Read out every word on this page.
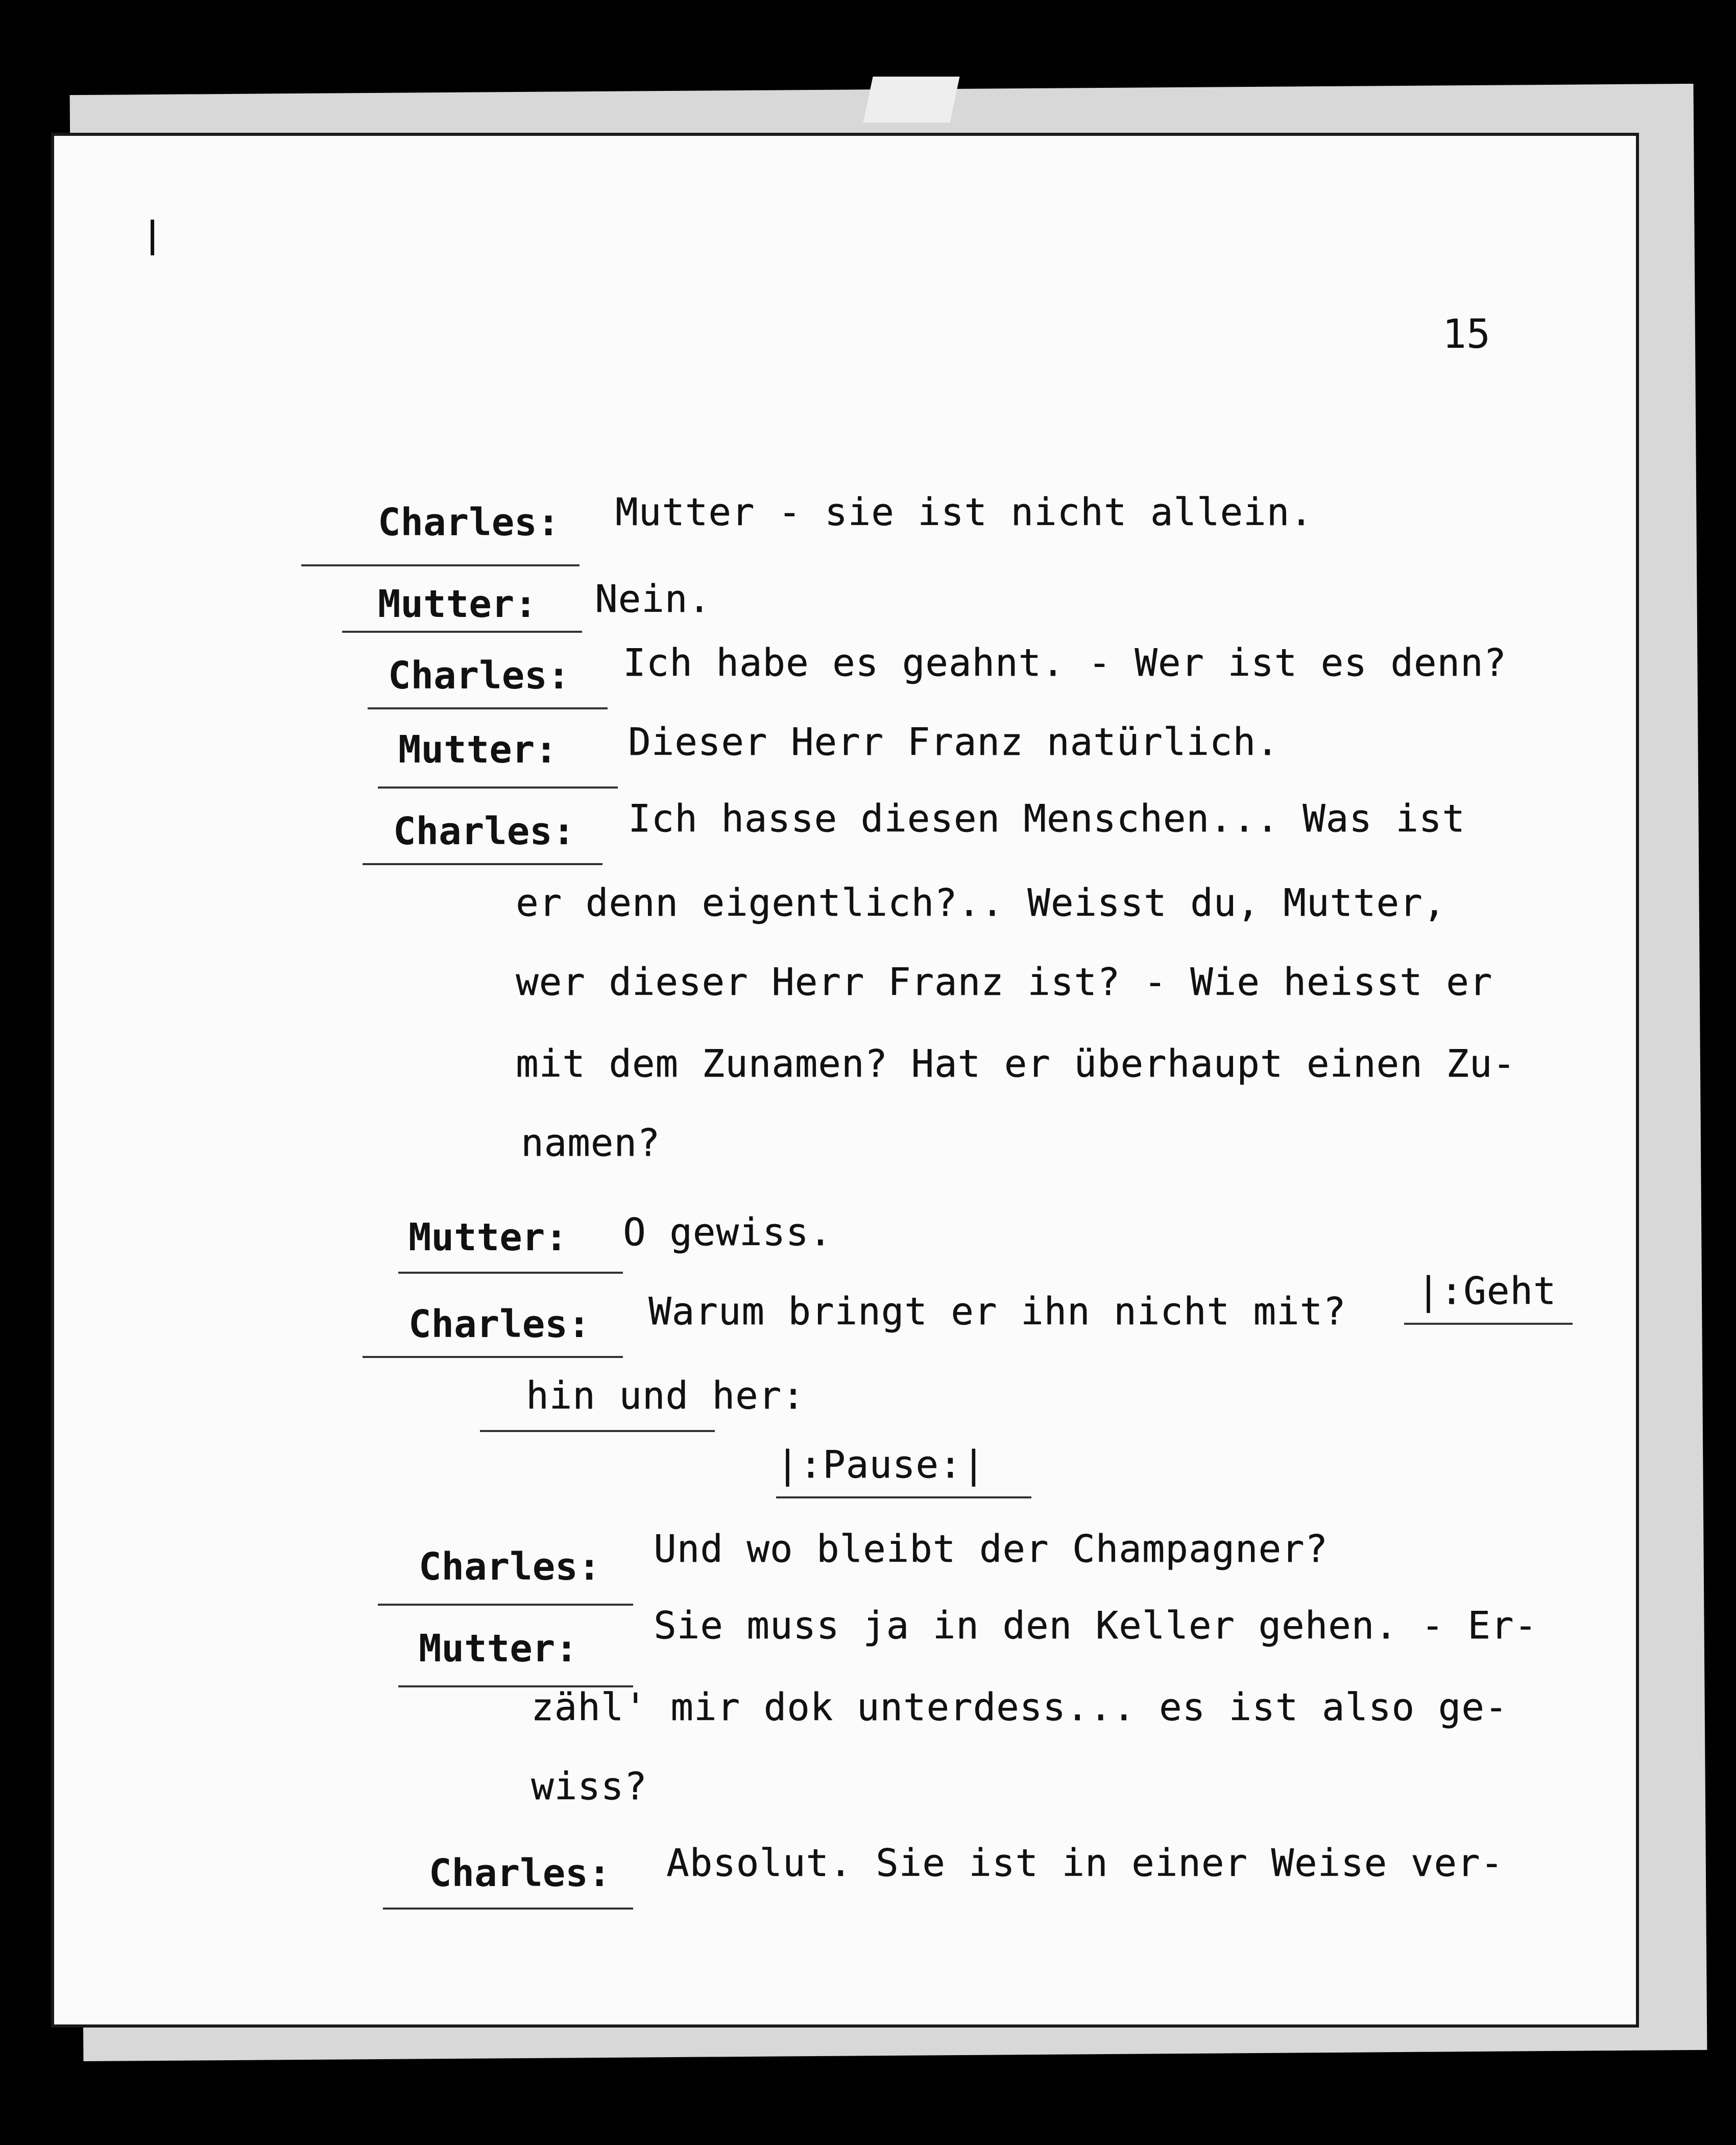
15
Charles: Mutter - sie ist nicht allein.
Mutter: Nein.
Charles: Ich habe es geahnt. - Wer ist es denn?
Mutter: Dieser Herr Franz natürlich.
Charles: Ich hasse diesen Menschen... Was ist
er denn eigentlich?.. Weisst du, Mutter,
wer dieser Herr Franz ist? - Wie heisst er
mit dem Zunamen? Hat er überhaupt einen Zu-
namen?
Mutter: O gewiss.
Charles: Warum bringt er ihn nicht mit? |:Geht
hin und her:
|:Pause:|
Charles: Und wo bleibt der Champagner?
Mutter:
Sie muss ja in den Keller gehen. - Er-
zähl' mir dok unterdess... es ist also ge-
wiss?
Charles: Absolut. Sie ist in einer Weise ver-
